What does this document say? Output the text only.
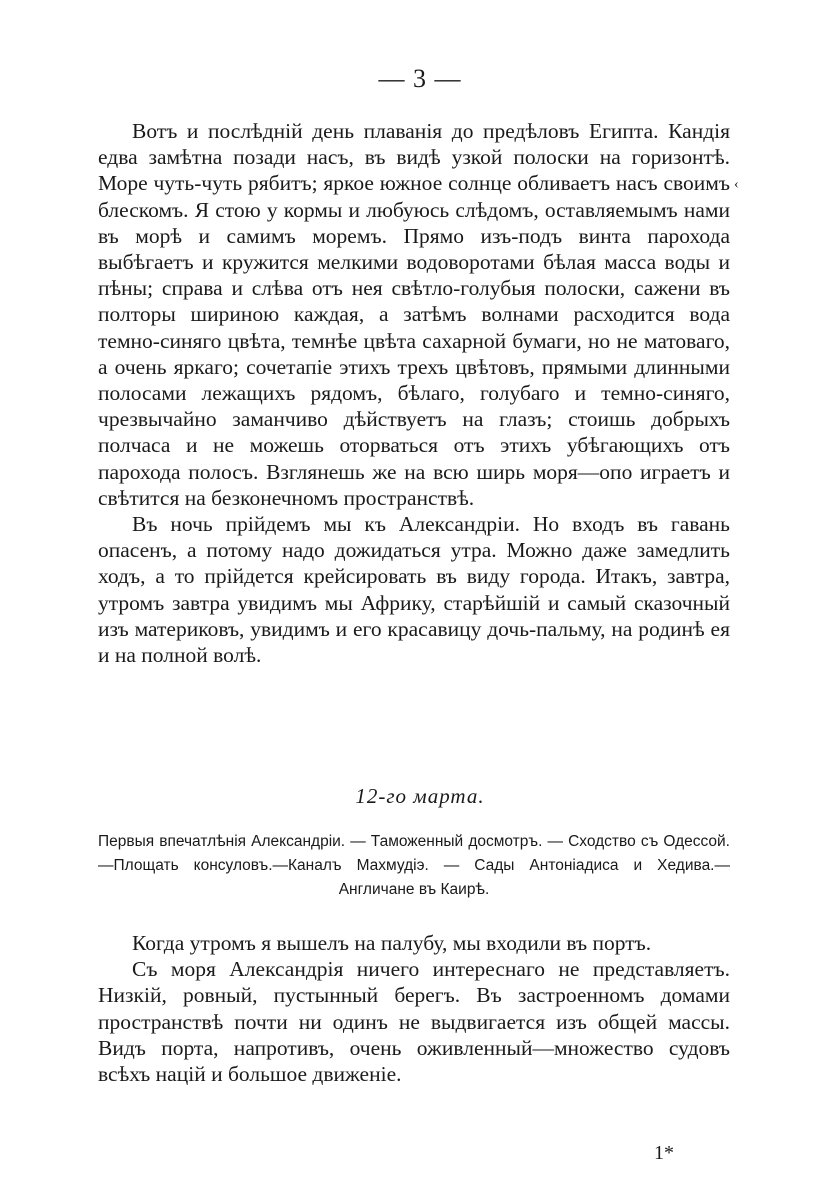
— 3 —
‹

Вотъ и послѣдній день плаванія до предѣловъ Египта. Кандія едва замѣтна позади насъ, въ видѣ узкой полоски на горизонтѣ. Море чуть-чуть рябитъ; яркое южное солнце обливаетъ насъ своимъ блескомъ. Я стою у кормы и любуюсь слѣдомъ, оставляемымъ нами въ морѣ и самимъ моремъ. Прямо изъ-подъ винта парохода выбѣгаетъ и кружится мелкими водоворотами бѣлая масса воды и пѣны; справа и слѣва отъ нея свѣтло-голубыя полоски, сажени въ полторы шириною каждая, а затѣмъ волнами расходится вода темно-синяго цвѣта, темнѣе цвѣта сахарной бумаги, но не матоваго, а очень яркаго; сочетапіе этихъ трехъ цвѣтовъ, прямыми длинными полосами лежащихъ рядомъ, бѣлаго, голубаго и темно-синяго, чрезвычайно заманчиво дѣйствуетъ на глазъ; стоишь добрыхъ полчаса и не можешь оторваться отъ этихъ убѣгающихъ отъ парохода полосъ. Взглянешь же на всю ширь моря—опо играетъ и свѣтится на безконечномъ пространствѣ.

Въ ночь прійдемъ мы къ Александріи. Но входъ въ гавань опасенъ, а потому надо дожидаться утра. Можно даже замедлить ходъ, а то прійдется крейсировать въ виду города. Итакъ, завтра, утромъ завтра увидимъ мы Африку, старѣйшій и самый сказочный изъ материковъ, увидимъ и его красавицу дочь-пальму, на родинѣ ея и на полной волѣ.

12-го марта.
Первыя впечатлѣнія Александріи. — Таможенный досмотръ. — Сходство съ Одессой.—Площать консуловъ.—Каналъ Махмудіэ. — Сады Антоніадиса и Хедива.—Англичане въ Каирѣ.

Когда утромъ я вышелъ на палубу, мы входили въ портъ.

Съ моря Александрія ничего интереснаго не представляетъ. Низкій, ровный, пустынный берегъ. Въ застроенномъ домами пространствѣ почти ни одинъ не выдвигается изъ общей массы. Видъ порта, напротивъ, очень оживленный—множество судовъ всѣхъ націй и большое движеніе.

1*
